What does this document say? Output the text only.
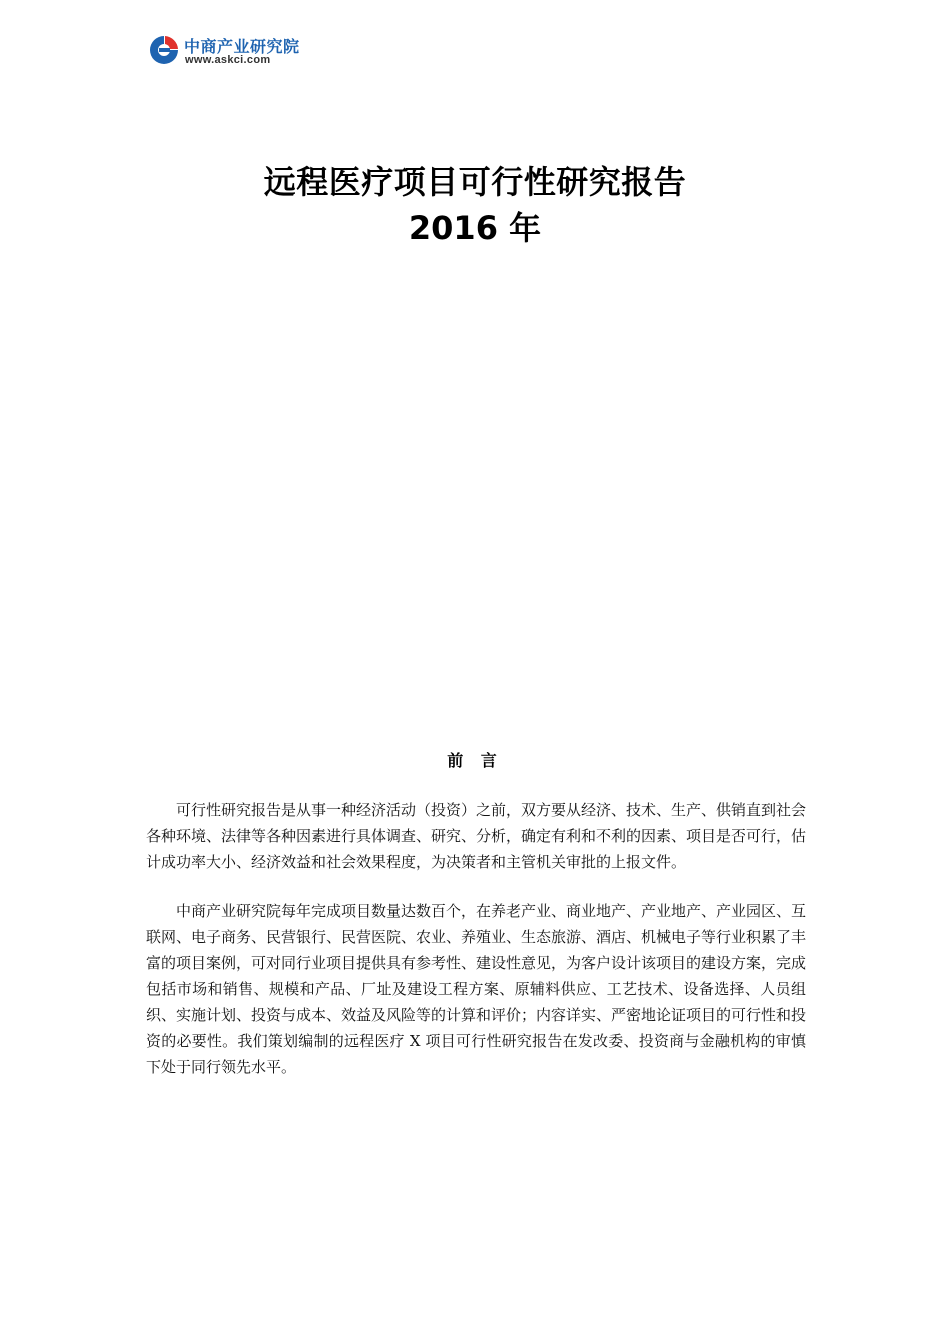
中商产业研究院
www.askci.com
远程医疗项目可行性研究报告
2016 年
前 言

可行性研究报告是从事一种经济活动（投资）之前，双方要从经济、技术、生产、供销直到社会各种环境、法律等各种因素进行具体调查、研究、分析，确定有利和不利的因素、项目是否可行，估计成功率大小、经济效益和社会效果程度，为决策者和主管机关审批的上报文件。

中商产业研究院每年完成项目数量达数百个，在养老产业、商业地产、产业地产、产业园区、互联网、电子商务、民营银行、民营医院、农业、养殖业、生态旅游、酒店、机械电子等行业积累了丰富的项目案例，可对同行业项目提供具有参考性、建设性意见，为客户设计该项目的建设方案，完成包括市场和销售、规模和产品、厂址及建设工程方案、原辅料供应、工艺技术、设备选择、人员组织、实施计划、投资与成本、效益及风险等的计算和评价；内容详实、严密地论证项目的可行性和投资的必要性。我们策划编制的远程医疗 X 项目可行性研究报告在发改委、投资商与金融机构的审慎下处于同行领先水平。
